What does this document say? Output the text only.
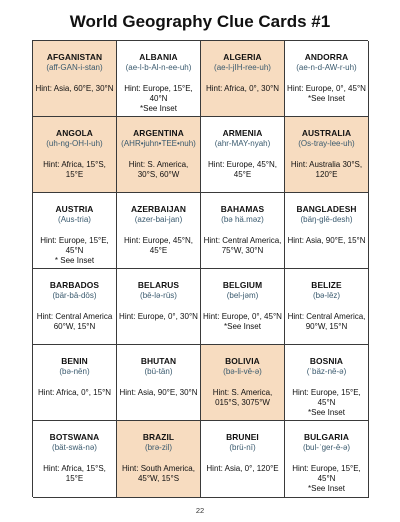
World Geography Clue Cards #1
AFGANISTAN
(aff-GAN-i-stan)
Hint: Asia, 60°E, 30°N
ALBANIA
(ae-l-b-Al-n-ee-uh)
Hint: Europe, 15°E, 40°N
*See Inset
ALGERIA
(ae-l-jIH-ree-uh)
Hint: Africa, 0°, 30°N
ANDORRA
(ae-n-d-AW-r-uh)
Hint: Europe, 0°, 45°N
*See Inset
ANGOLA
(uh-ng-OH-l-uh)
Hint: Africa, 15°S, 15°E
ARGENTINA
(AHR•juhn•TEE•nuh)
Hint: S. America, 30°S, 60°W
ARMENIA
(ahr-MAY-nyah)
Hint: Europe, 45°N, 45°E
AUSTRALIA
(Os-tray-lee-uh)
Hint: Australia 30°S, 120°E
AUSTRIA
(Aus-tria)
Hint: Europe, 15°E, 45°N
* See Inset
AZERBAIJAN
(azer-bai-jan)
Hint: Europe, 45°N, 45°E
BAHAMAS
(bə hä.məz)
Hint: Central America, 75°W, 30°N
BANGLADESH
(bäŋ-glē-desh)
Hint: Asia, 90°E, 15°N
BARBADOS
(bär-bā-dōs)
Hint: Central America 60°W, 15°N
BELARUS
(bē-lə-rüs)
Hint: Europe, 0°, 30°N
BELGIUM
(bel-jəm)
Hint: Europe, 0°, 45°N
*See Inset
BELIZE
(bə-lēz)
Hint: Central America, 90°W, 15°N
BENIN
(bə-nēn)
Hint: Africa, 0°, 15°N
BHUTAN
(bü-tän)
Hint: Asia, 90°E, 30°N
BOLIVIA
(bə-li-vē-ə)
Hint: S. America, 015°S, 3075°W
BOSNIA
(ˈbäz-nē-ə)
Hint: Europe, 15°E, 45°N
*See Inset
BOTSWANA
(bät-swä-nə)
Hint: Africa, 15°S, 15°E
BRAZIL
(brə-zil)
Hint: South America, 45°W, 15°S
BRUNEI
(brü-nī)
Hint: Asia, 0°, 120°E
BULGARIA
(bul-ˈger-ē-ə)
Hint: Europe, 15°E, 45°N
*See Inset
22
